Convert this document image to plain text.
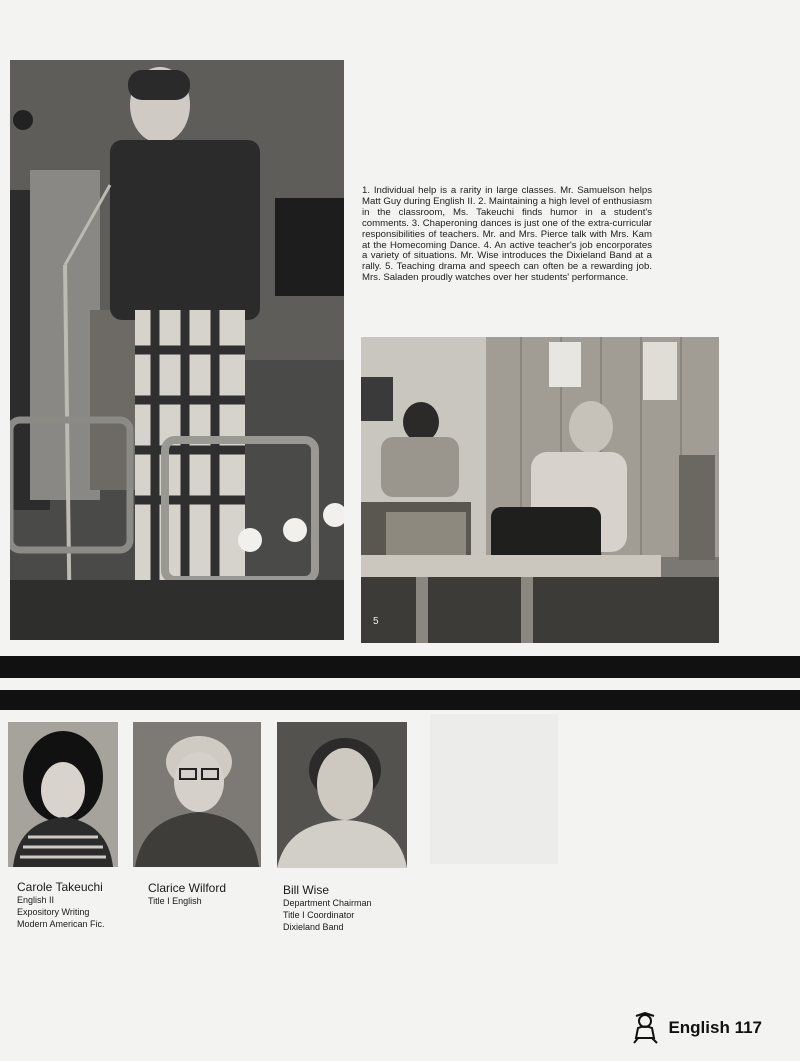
1. Individual help is a rarity in large classes. Mr. Samuelson helps Matt Guy during English II. 2. Maintaining a high level of enthusiasm in the classroom, Ms. Takeuchi finds humor in a student's comments. 3. Chaperoning dances is just one of the extra-curricular responsibilities of teachers. Mr. and Mrs. Pierce talk with Mrs. Kam at the Homecoming Dance. 4. An active teacher's job encorporates a variety of situations. Mr. Wise introduces the Dixieland Band at a rally. 5. Teaching drama and speech can often be a rewarding job. Mrs. Saladen proudly watches over her students' performance.
5
Carole Takeuchi
English II
Expository Writing
Modern American Fic.
Clarice Wilford
Title I English
Bill Wise
Department Chairman
Title I Coordinator
Dixieland Band
English 117
